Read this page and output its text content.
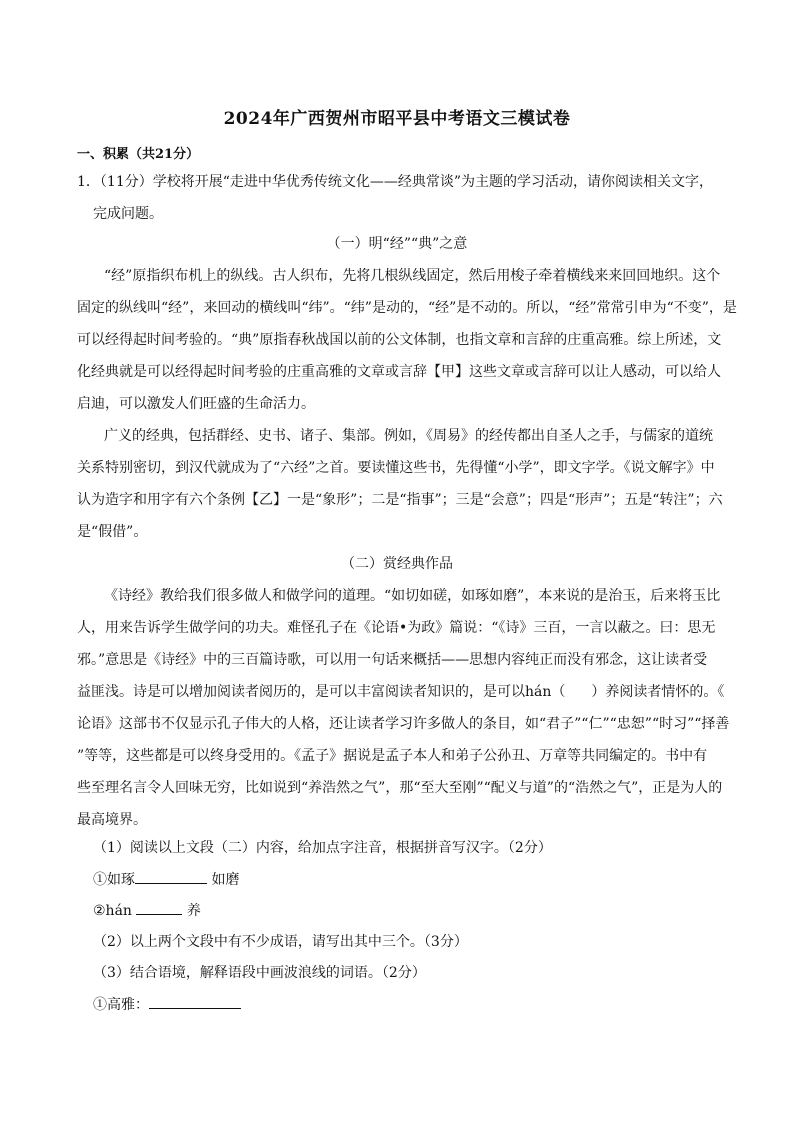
2024年广西贺州市昭平县中考语文三模试卷
一、积累（共21分）
1．（11分）学校将开展“走进中华优秀传统文化——经典常谈”为主题的学习活动，请你阅读相关文字，
完成问题。
（一）明“经”“典”之意
“经”原指织布机上的纵线。古人织布，先将几根纵线固定，然后用梭子牵着横线来来回回地织。这个
固定的纵线叫“经”，来回动的横线叫“纬”。“纬”是动的，“经”是不动的。所以，“经”常常引申为“不变”，是
可以经得起时间考验的。“典”原指春秋战国以前的公文体制，也指文章和言辞的庄重高雅。综上所述，文
化经典就是可以经得起时间考验的庄重高雅的文章或言辞【甲】这些文章或言辞可以让人感动，可以给人
启迪，可以激发人们旺盛的生命活力。
广义的经典，包括群经、史书、诸子、集部。例如，《周易》的经传都出自圣人之手，与儒家的道统
关系特别密切，到汉代就成为了“六经”之首。要读懂这些书，先得懂“小学”，即文字学。《说文解字》中
认为造字和用字有六个条例【乙】一是“象形”；二是“指事”；三是“会意”；四是“形声”；五是“转注”；六
是“假借”。
（二）赏经典作品
《诗经》教给我们很多做人和做学问的道理。“如切如磋，如琢如磨”，本来说的是治玉，后来将玉比
人，用来告诉学生做学问的功夫。难怪孔子在《论语•为政》篇说：“《诗》三百，一言以蔽之。曰：思无
邪。”意思是《诗经》中的三百篇诗歌，可以用一句话来概括——思想内容纯正而没有邪念，这让读者受
益匪浅。诗是可以增加阅读者阅历的，是可以丰富阅读者知识的，是可以hán（ ）养阅读者情怀的。《
论语》这部书不仅显示孔子伟大的人格，还让读者学习许多做人的条目，如“君子”“仁”“忠恕”“时习”“择善
”等等，这些都是可以终身受用的。《孟子》据说是孟子本人和弟子公孙丑、万章等共同编定的。书中有
些至理名言令人回味无穷，比如说到“养浩然之气”，那“至大至刚”“配义与道”的“浩然之气”，正是为人的
最高境界。
（1）阅读以上文段（二）内容，给加点字注音，根据拼音写汉字。（2分）
①如琢	如磨
②hán	养
（2）以上两个文段中有不少成语，请写出其中三个。（3分）
（3）结合语境，解释语段中画波浪线的词语。（2分）
①高雅：
